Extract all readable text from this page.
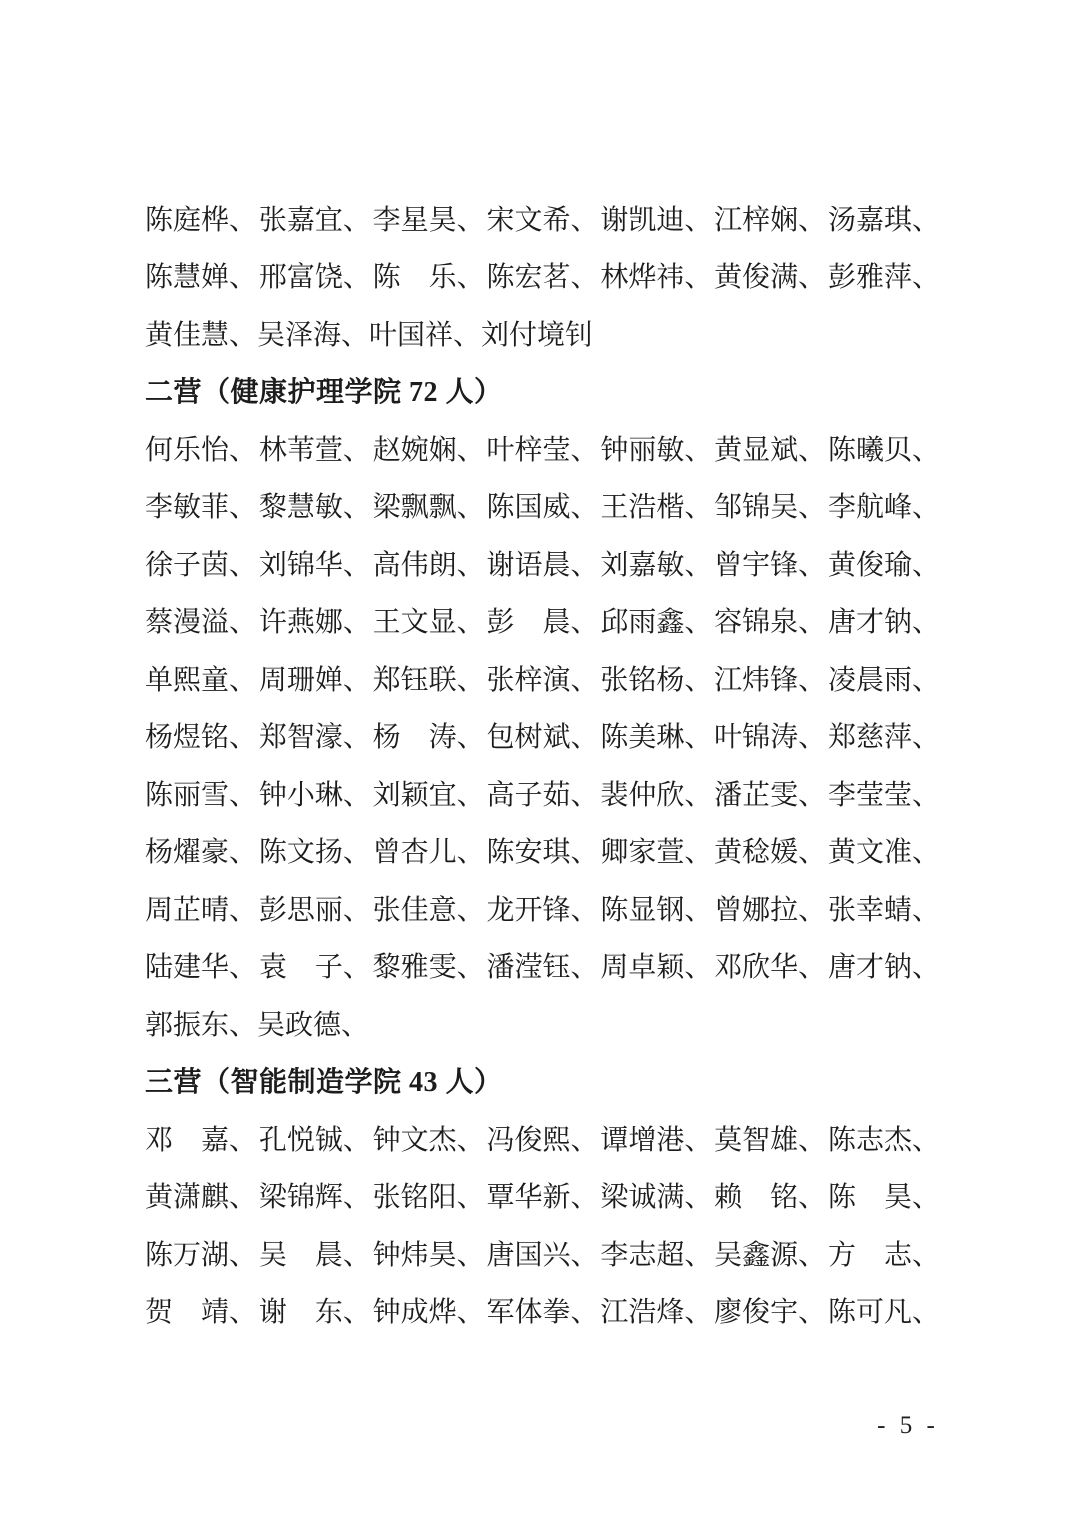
陈庭桦、 张嘉宜、 李星昊、 宋文希、 谢凯迪、 江梓娴、 汤嘉琪、
陈慧婵、 邢富饶、 陈　乐、 陈宏茗、 林烨祎、 黄俊满、 彭雅萍、
黄佳慧、 吴泽海、 叶国祥、 刘付境钊
二营（健康护理学院 72 人）
何乐怡、 林苇萱、 赵婉娴、 叶梓莹、 钟丽敏、 黄显斌、 陈曦贝、
李敏菲、 黎慧敏、 梁飘飘、 陈国威、 王浩楷、 邹锦吴、 李航峰、
徐子茵、 刘锦华、 高伟朗、 谢语晨、 刘嘉敏、 曾宇锋、 黄俊瑜、
蔡漫溢、 许燕娜、 王文显、 彭　晨、 邱雨鑫、 容锦泉、 唐才钠、
单熙童、 周珊婵、 郑钰联、 张梓演、 张铭杨、 江炜锋、 凌晨雨、
杨煜铭、 郑智濠、 杨　涛、 包树斌、 陈美琳、 叶锦涛、 郑慈萍、
陈丽雪、 钟小琳、 刘颖宜、 高子茹、 裴仲欣、 潘芷雯、 李莹莹、
杨燿豪、 陈文扬、 曾杏儿、 陈安琪、 卿家萱、 黄稔媛、 黄文准、
周芷晴、 彭思丽、 张佳意、 龙开锋、 陈显钢、 曾娜拉、 张幸蜻、
陆建华、 袁　子、 黎雅雯、 潘滢钰、 周卓颖、 邓欣华、 唐才钠、
郭振东、 吴政德、
三营（智能制造学院 43 人）
邓　嘉、 孔悦铖、 钟文杰、 冯俊熙、 谭增港、 莫智雄、 陈志杰、
黄潇麒、 梁锦辉、 张铭阳、 覃华新、 梁诚满、 赖　铭、 陈　昊、
陈万湖、 吴　晨、 钟炜昊、 唐国兴、 李志超、 吴鑫源、 方　志、
贺　靖、 谢　东、 钟成烨、 军体拳、 江浩烽、 廖俊宇、 陈可凡、
- 5 -
